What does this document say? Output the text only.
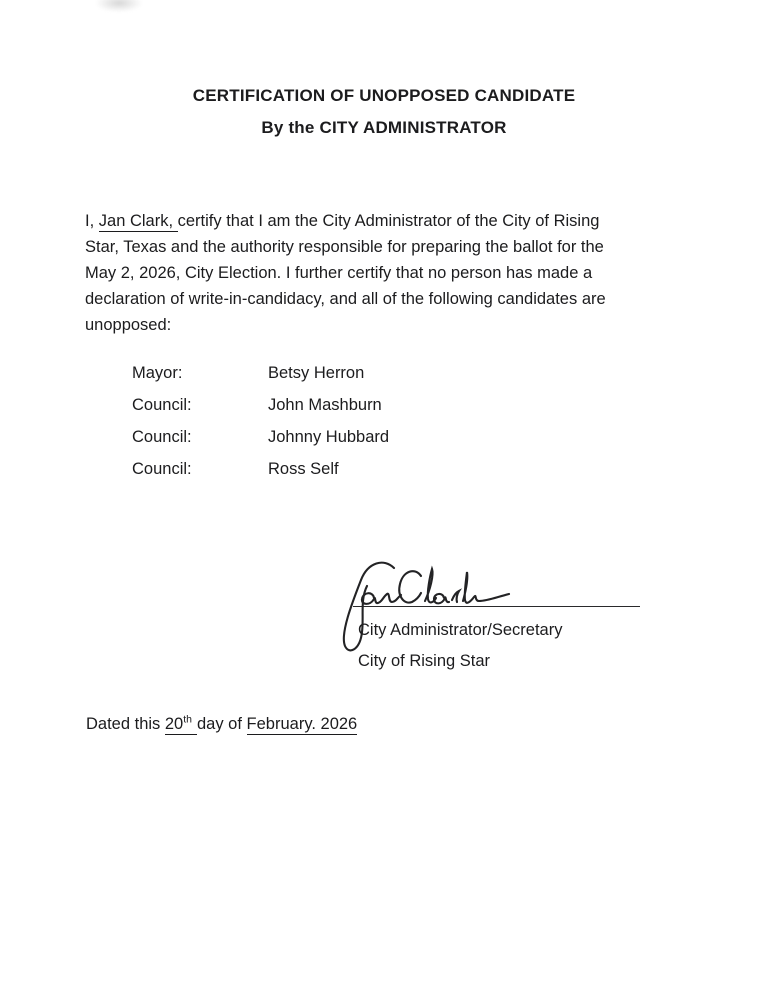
CERTIFICATION OF UNOPPOSED CANDIDATE
By the CITY ADMINISTRATOR
I, Jan Clark, certify that I am the City Administrator of the City of Rising
Star, Texas and the authority responsible for preparing the ballot for the
May 2, 2026, City Election. I further certify that no person has made a
declaration of write-in-candidacy, and all of the following candidates are
unopposed:
Mayor:	Betsy Herron
Council:	John Mashburn
Council:	Johnny Hubbard
Council:	Ross Self
City Administrator/Secretary
City of Rising Star
Dated this 20th day of February. 2026
